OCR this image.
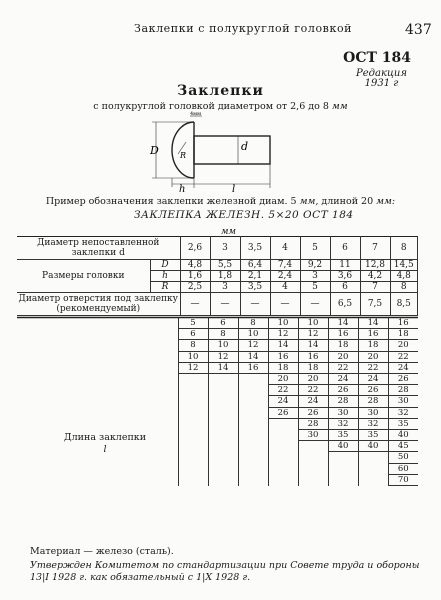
Заклепки с полукруглой головкой	437
ОСТ 184
Редакция
1931 г
Заклепки
с полукруглой головкой диаметром от 2,6 до 8 мм
D	d
R
h	l
4мм
Пример обозначения заклепки железной диам. 5 мм, длиной 20 мм:
ЗАКЛЕПКА ЖЕЛЕЗН. 5×20 ОСТ 184
мм
Диаметр непоставленной заклепки d		2,6	3	3,5	4	5	6	7	8
Размеры головки	D	4,8	5,5	6,4	7,4	9,2	11	12,8	14,5
	h	1,6	1,8	2,1	2,4	3	3,6	4,2	4,8
	R	2,5	3	3,5	4	5	6	7	8
Диаметр отверстия под заклепку (рекомендуемый)		—	—	—	—	—	6,5	7,5	8,5
Длина заклепки
l
	5	6	8	10	10	14	14	16
	6	8	10	12	12	16	16	18
	8	10	12	14	14	18	18	20
	10	12	14	16	16	20	20	22
	12	14	16	18	18	22	22	24
				20	20	24	24	26
				22	22	26	26	28
				24	24	28	28	30
				26	26	30	30	32
					28	32	32	35
					30	35	35	40
						40	40	45
								50
								60
								70
Материал — железо (сталь).
Утвержден Комитетом по стандартизации при Совете труда и обороны 13|I 1928 г. как обязательный с 1|X 1928 г.
